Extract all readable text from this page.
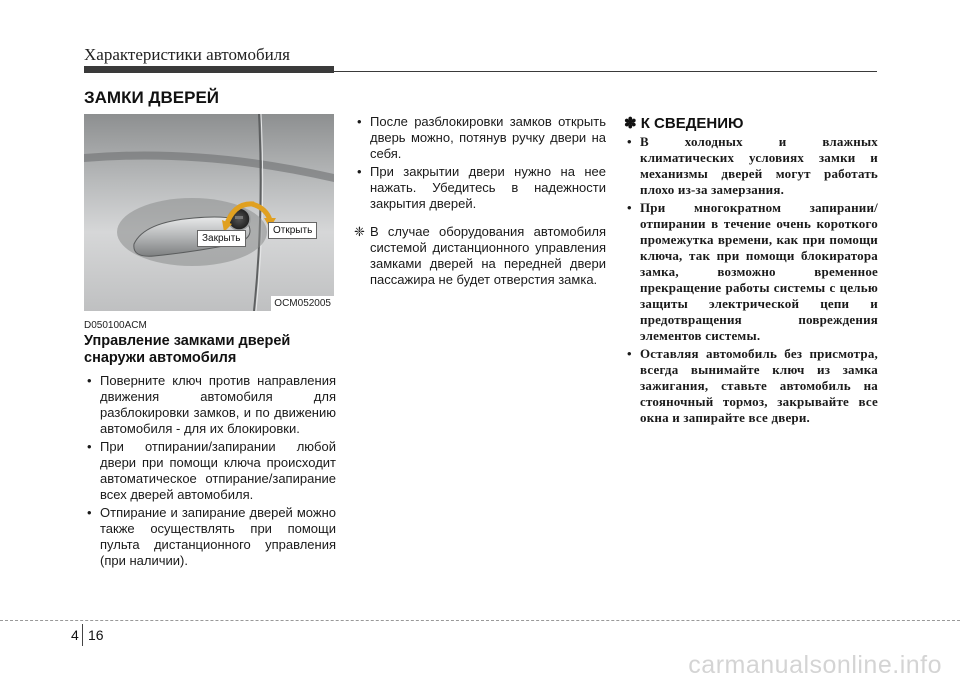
Характеристики автомобиля
ЗАМКИ ДВЕРЕЙ
Закрыть
Открыть
OCM052005
D050100ACM
Управление замками дверей снаружи автомобиля
• Поверните ключ против направления движения автомобиля для разблокировки замков, и по движению автомобиля - для их блокировки.
• При отпирании/запирании любой двери при помощи ключа происходит автоматическое отпирание/запирание всех дверей автомобиля.
• Отпирание и запирание дверей можно также осуществлять при помощи пульта дистанционного управления (при наличии).
• После разблокировки замков открыть дверь можно, потянув ручку двери на себя.
• При закрытии двери нужно на нее нажать. Убедитесь в надежности закрытия дверей.
❈ В случае оборудования автомобиля системой дистанционного управления замками дверей на передней двери пассажира не будет отверстия замка.
✽ К СВЕДЕНИЮ
• В холодных и влажных климатических условиях замки и механизмы дверей могут работать плохо из-за замерзания.
• При многократном запирании/отпирании в течение очень короткого промежутка времени, как при помощи ключа, так при помощи блокиратора замка, возможно временное прекращение работы системы с целью защиты электрической цепи и предотвращения повреждения элементов системы.
• Оставляя автомобиль без присмотра, всегда вынимайте ключ из замка зажигания, ставьте автомобиль на стояночный тормоз, закрывайте все окна и запирайте все двери.
4 16
carmanualsonline.info
